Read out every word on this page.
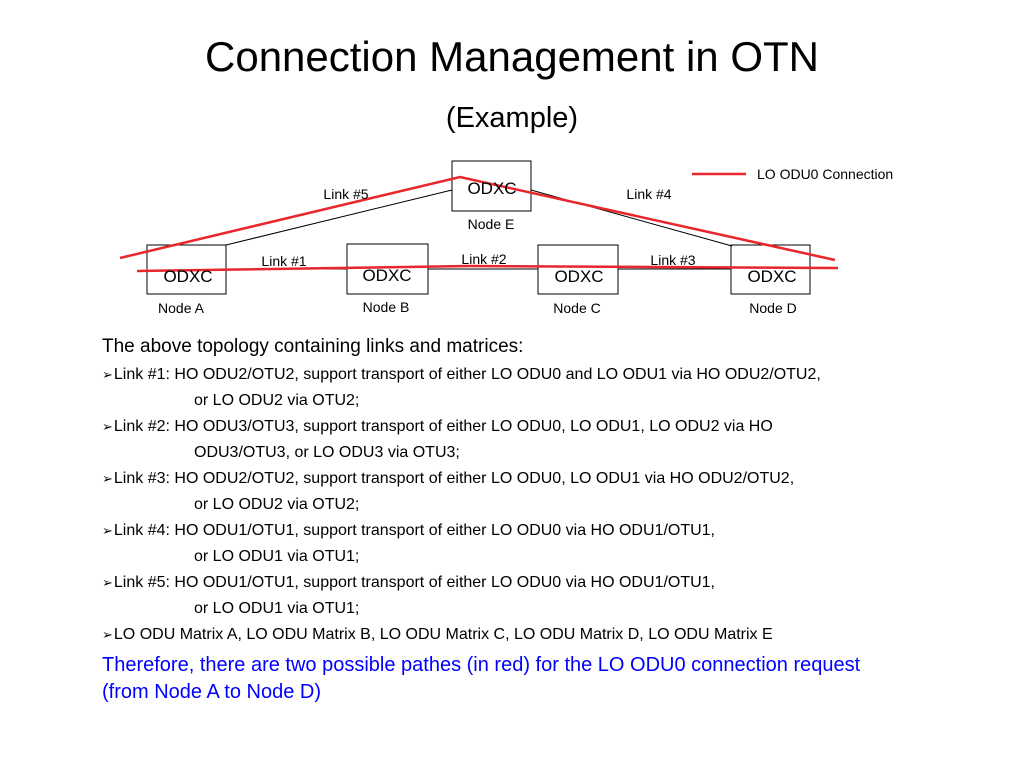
Connection Management in OTN
(Example)
ODXC	ODXC	ODXC	ODXC
ODXC
Node A	Node B	Node C	Node D
Node E
Link #1	Link #2	Link #3
Link #4
Link #5
LO ODU0 Connection
The above topology containing links and matrices:
➢Link #1: HO ODU2/OTU2, support transport of either LO ODU0 and LO ODU1 via HO ODU2/OTU2,
or LO ODU2 via OTU2;
➢Link #2: HO ODU3/OTU3, support transport of either LO ODU0, LO ODU1, LO ODU2 via HO
ODU3/OTU3, or LO ODU3 via OTU3;
➢Link #3: HO ODU2/OTU2, support transport of either LO ODU0, LO ODU1 via HO ODU2/OTU2,
or LO ODU2 via OTU2;
➢Link #4: HO ODU1/OTU1, support transport of either LO ODU0 via HO ODU1/OTU1,
or LO ODU1 via OTU1;
➢Link #5: HO ODU1/OTU1, support transport of either LO ODU0 via HO ODU1/OTU1,
or LO ODU1 via OTU1;
➢LO ODU Matrix A, LO ODU Matrix B, LO ODU Matrix C, LO ODU Matrix D, LO ODU Matrix E
Therefore, there are two possible pathes (in red) for the LO ODU0 connection request
(from Node A to Node D)
